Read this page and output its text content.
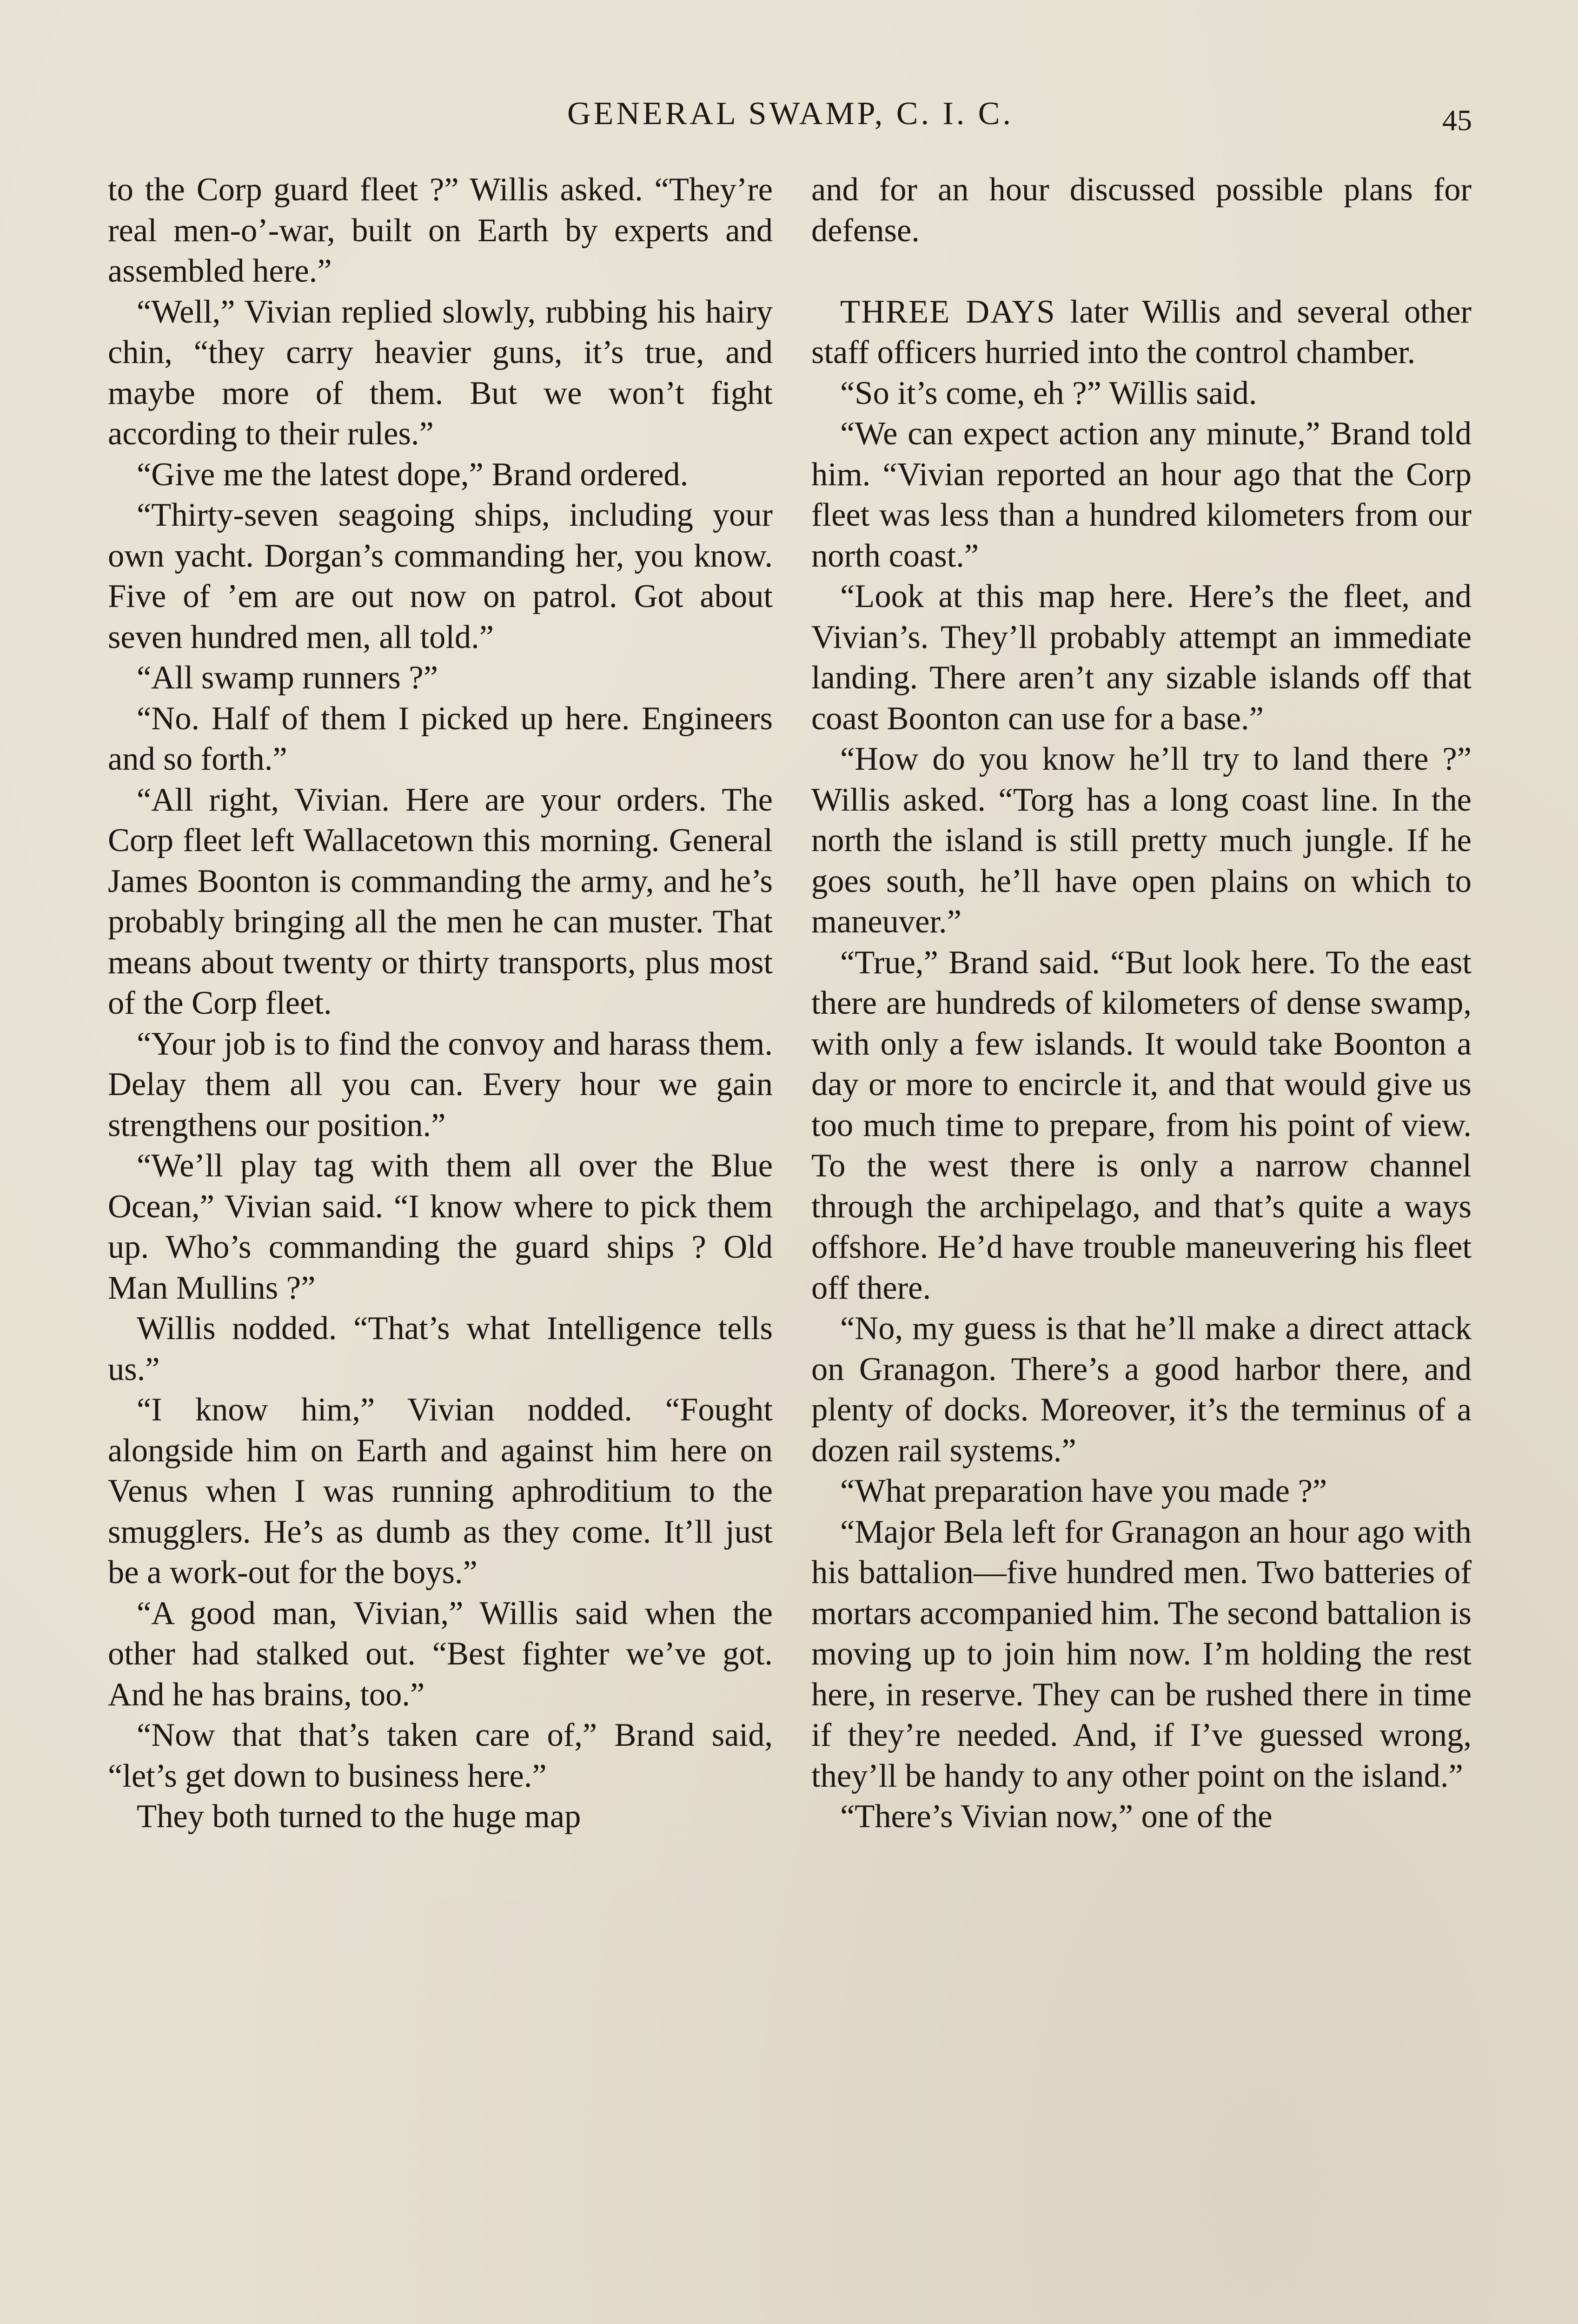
GENERAL SWAMP, C. I. C.	45

to the Corp guard fleet ?” Willis asked. “They’re real men-o’-war, built on Earth by experts and assembled here.”

“Well,” Vivian replied slowly, rubbing his hairy chin, “they carry heavier guns, it’s true, and maybe more of them. But we won’t fight according to their rules.”

“Give me the latest dope,” Brand ordered.

“Thirty-seven seagoing ships, including your own yacht. Dorgan’s commanding her, you know. Five of ’em are out now on patrol. Got about seven hundred men, all told.”

“All swamp runners ?”

“No. Half of them I picked up here. Engineers and so forth.”

“All right, Vivian. Here are your orders. The Corp fleet left Wallacetown this morning. General James Boonton is commanding the army, and he’s probably bringing all the men he can muster. That means about twenty or thirty transports, plus most of the Corp fleet.

“Your job is to find the convoy and harass them. Delay them all you can. Every hour we gain strengthens our position.”

“We’ll play tag with them all over the Blue Ocean,” Vivian said. “I know where to pick them up. Who’s commanding the guard ships ? Old Man Mullins ?”

Willis nodded. “That’s what Intelligence tells us.”

“I know him,” Vivian nodded. “Fought alongside him on Earth and against him here on Venus when I was running aphroditium to the smugglers. He’s as dumb as they come. It’ll just be a work-out for the boys.”

“A good man, Vivian,” Willis said when the other had stalked out. “Best fighter we’ve got. And he has brains, too.”

“Now that that’s taken care of,” Brand said, “let’s get down to business here.”

They both turned to the huge map

and for an hour discussed possible plans for defense.

THREE DAYS later Willis and several other staff officers hurried into the control chamber.

“So it’s come, eh ?” Willis said.

“We can expect action any minute,” Brand told him. “Vivian reported an hour ago that the Corp fleet was less than a hundred kilometers from our north coast.”

“Look at this map here. Here’s the fleet, and Vivian’s. They’ll probably attempt an immediate landing. There aren’t any sizable islands off that coast Boonton can use for a base.”

“How do you know he’ll try to land there ?” Willis asked. “Torg has a long coast line. In the north the island is still pretty much jungle. If he goes south, he’ll have open plains on which to maneuver.”

“True,” Brand said. “But look here. To the east there are hundreds of kilometers of dense swamp, with only a few islands. It would take Boonton a day or more to encircle it, and that would give us too much time to prepare, from his point of view. To the west there is only a narrow channel through the archipelago, and that’s quite a ways offshore. He’d have trouble maneuvering his fleet off there.

“No, my guess is that he’ll make a direct attack on Granagon. There’s a good harbor there, and plenty of docks. Moreover, it’s the terminus of a dozen rail systems.”

“What preparation have you made ?”

“Major Bela left for Granagon an hour ago with his battalion—five hundred men. Two batteries of mortars accompanied him. The second battalion is moving up to join him now. I’m holding the rest here, in reserve. They can be rushed there in time if they’re needed. And, if I’ve guessed wrong, they’ll be handy to any other point on the island.”

“There’s Vivian now,” one of the
